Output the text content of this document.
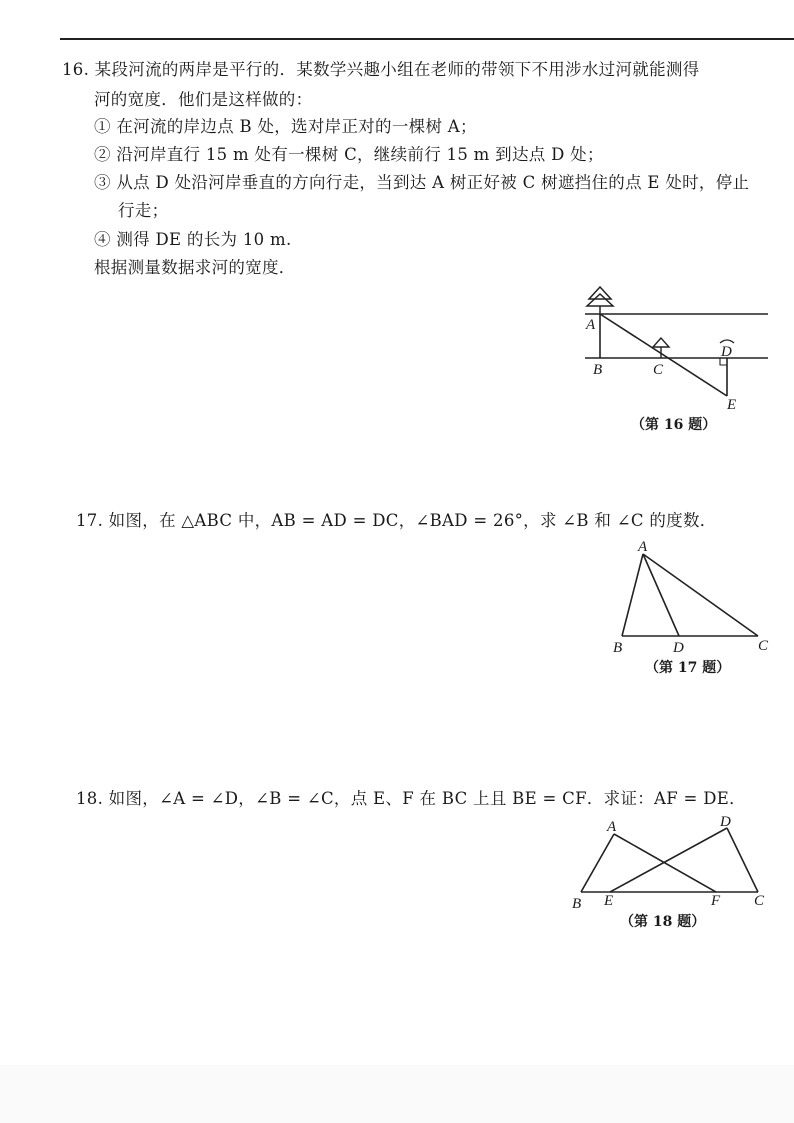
16. 某段河流的两岸是平行的．某数学兴趣小组在老师的带领下不用涉水过河就能测得
河的宽度．他们是这样做的：
① 在河流的岸边点 B 处，选对岸正对的一棵树 A；
② 沿河岸直行 15 m 处有一棵树 C，继续前行 15 m 到达点 D 处；
③ 从点 D 处沿河岸垂直的方向行走，当到达 A 树正好被 C 树遮挡住的点 E 处时，停止
行走；
④ 测得 DE 的长为 10 m.
根据测量数据求河的宽度．
A
B	C
D
E
（第 16 题）
17. 如图，在 △ABC 中，AB = AD = DC，∠BAD = 26°，求 ∠B 和 ∠C 的度数．
A
B	D	C
（第 17 题）
18. 如图，∠A = ∠D，∠B = ∠C，点 E、F 在 BC 上且 BE = CF．求证：AF = DE．
A	D
B E	F C
（第 18 题）
